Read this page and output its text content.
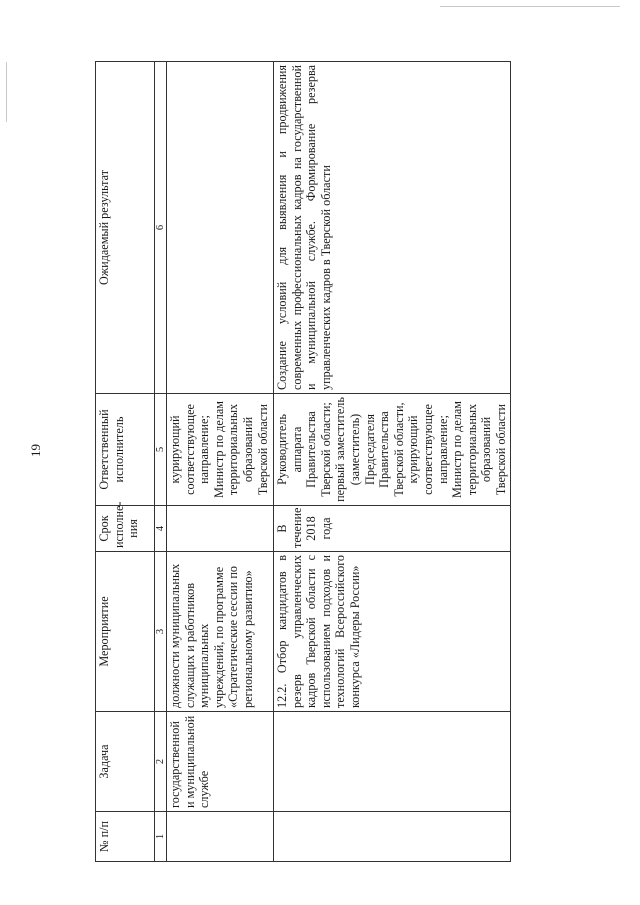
19
№ п/п	Задача	Мероприятие	Срок исполне-ния	Ответственный исполнитель	Ожидаемый результат
1	2	3	4	5	6
	государственной и муниципальной службе	должности муниципальных служащих и работников муниципальных учреждений, по программе «Стратегические сессии по региональному развитию»		курирующий соответствующее направление; Министр по делам территориальных образований Тверской области	
		12.2. Отбор кандидатов в резерв управленческих кадров Тверской области с использованием подходов и технологий Всероссийского конкурса «Лидеры России»	В течение 2018 года	Руководитель аппарата Правительства Тверской области; первый заместитель (заместитель) Председателя Правительства Тверской области, курирующий соответствующее направление; Министр по делам территориальных образований Тверской области	Создание условий для выявления и продвижения современных профессиональных кадров на государственной и муниципальной службе. Формирование резерва управленческих кадров в Тверской области
